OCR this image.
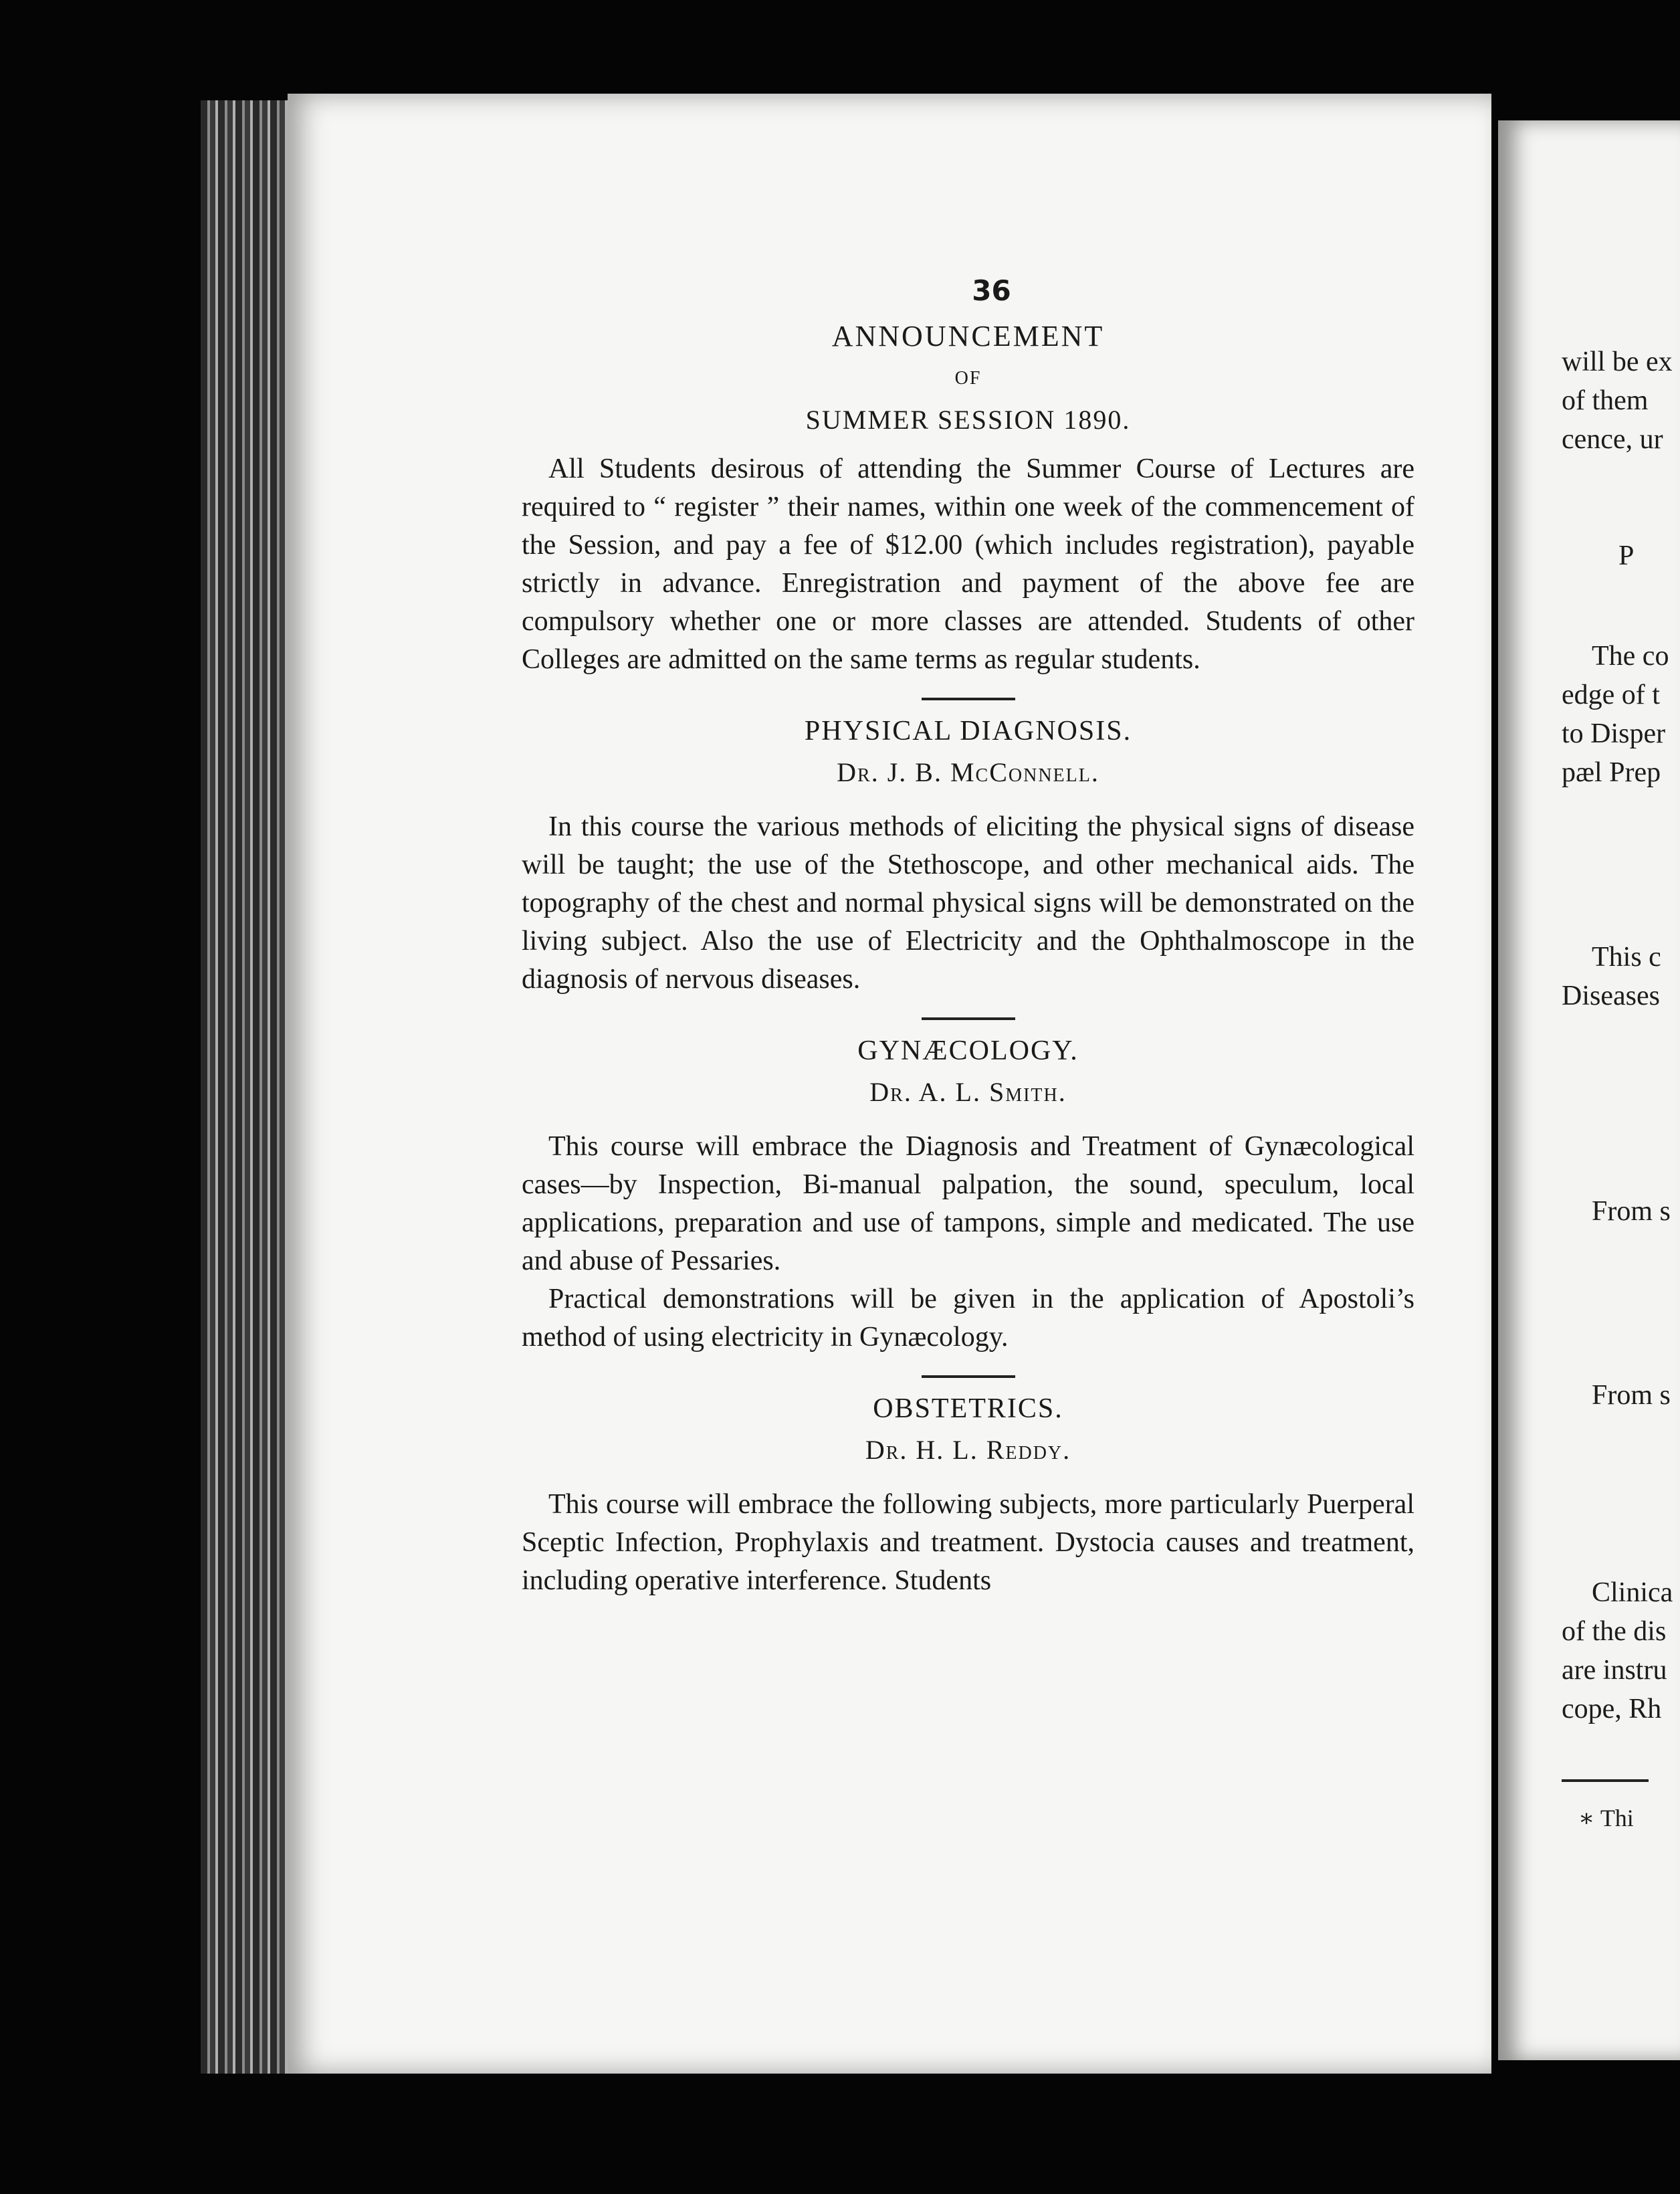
36

ANNOUNCEMENT

OF

SUMMER SESSION 1890.

All Students desirous of attending the Summer Course of Lectures are required to “ register ” their names, within one week of the commencement of the Session, and pay a fee of $12.00 (which includes registration), payable strictly in advance. Enregistration and payment of the above fee are compulsory whether one or more classes are attended. Students of other Colleges are admitted on the same terms as regular students.

PHYSICAL DIAGNOSIS.

Dr. J. B. McConnell.

In this course the various methods of eliciting the physical signs of disease will be taught; the use of the Stethoscope, and other mechanical aids. The topography of the chest and normal physical signs will be demonstrated on the living subject. Also the use of Electricity and the Ophthalmoscope in the diagnosis of nervous diseases.

GYNÆCOLOGY.

Dr. A. L. Smith.

This course will embrace the Diagnosis and Treatment of Gynæcological cases—by Inspection, Bi-manual palpation, the sound, speculum, local applications, preparation and use of tampons, simple and medicated. The use and abuse of Pessaries.

Practical demonstrations will be given in the application of Apostoli’s method of using electricity in Gynæcology.

OBSTETRICS.

Dr. H. L. Reddy.

This course will embrace the following subjects, more particularly Puerperal Sceptic Infection, Prophylaxis and treatment. Dystocia causes and treatment, including operative interference. Students

will be ex
of them
cence, ur
P
The co
edge of t
to Disper
pæl Prep
This c
Diseases
From s
From s
Clinica
of the dis
are instru
cope, Rh
∗ Thi
